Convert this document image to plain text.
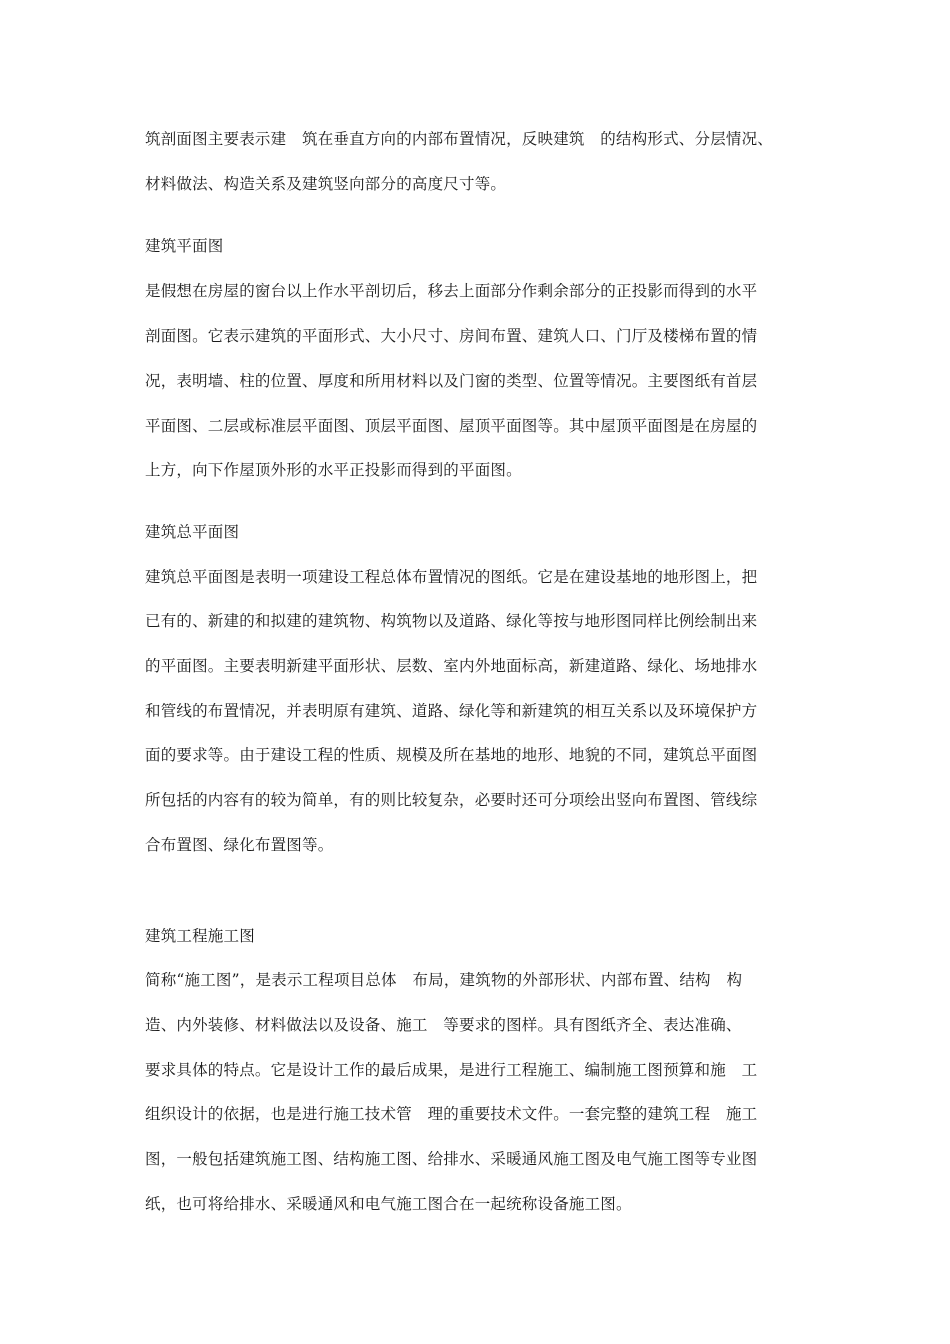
筑剖面图主要表示建　筑在垂直方向的内部布置情况，反映建筑　的结构形式、分层情况、
材料做法、构造关系及建筑竖向部分的高度尺寸等。
建筑平面图
是假想在房屋的窗台以上作水平剖切后，移去上面部分作剩余部分的正投影而得到的水平
剖面图。它表示建筑的平面形式、大小尺寸、房间布置、建筑人口、门厅及楼梯布置的情
况，表明墙、柱的位置、厚度和所用材料以及门窗的类型、位置等情况。主要图纸有首层
平面图、二层或标准层平面图、顶层平面图、屋顶平面图等。其中屋顶平面图是在房屋的
上方，向下作屋顶外形的水平正投影而得到的平面图。
建筑总平面图
建筑总平面图是表明一项建设工程总体布置情况的图纸。它是在建设基地的地形图上，把
已有的、新建的和拟建的建筑物、构筑物以及道路、绿化等按与地形图同样比例绘制出来
的平面图。主要表明新建平面形状、层数、室内外地面标高，新建道路、绿化、场地排水
和管线的布置情况，并表明原有建筑、道路、绿化等和新建筑的相互关系以及环境保护方
面的要求等。由于建设工程的性质、规模及所在基地的地形、地貌的不同，建筑总平面图
所包括的内容有的较为简单，有的则比较复杂，必要时还可分项绘出竖向布置图、管线综
合布置图、绿化布置图等。
建筑工程施工图
简称“施工图”，是表示工程项目总体　布局，建筑物的外部形状、内部布置、结构　构
造、内外装修、材料做法以及设备、施工　等要求的图样。具有图纸齐全、表达准确、
要求具体的特点。它是设计工作的最后成果，是进行工程施工、编制施工图预算和施　工
组织设计的依据，也是进行施工技术管　理的重要技术文件。一套完整的建筑工程　施工
图，一般包括建筑施工图、结构施工图、给排水、采暖通风施工图及电气施工图等专业图
纸，也可将给排水、采暖通风和电气施工图合在一起统称设备施工图。
